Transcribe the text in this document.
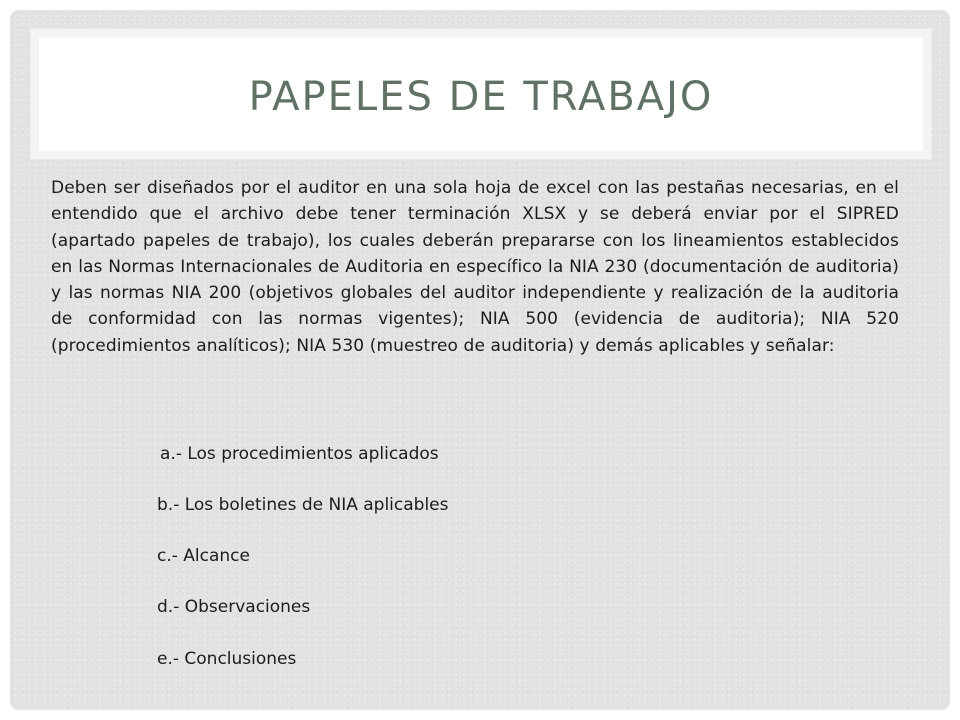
PAPELES DE TRABAJO

Deben ser diseñados por el auditor en una sola hoja de excel con las pestañas necesarias, en el entendido que el archivo debe tener terminación XLSX y se deberá enviar por el SIPRED (apartado papeles de trabajo), los cuales deberán prepararse con los lineamientos establecidos en las Normas Internacionales de Auditoria en específico la NIA 230 (documentación de auditoria) y las normas NIA 200 (objetivos globales del auditor independiente y realización de la auditoria de conformidad con las normas vigentes); NIA 500 (evidencia de auditoria); NIA 520 (procedimientos analíticos); NIA 530 (muestreo de auditoria) y demás aplicables y señalar:

a.- Los procedimientos aplicados
b.- Los boletines de NIA aplicables
c.- Alcance
d.- Observaciones
e.- Conclusiones
